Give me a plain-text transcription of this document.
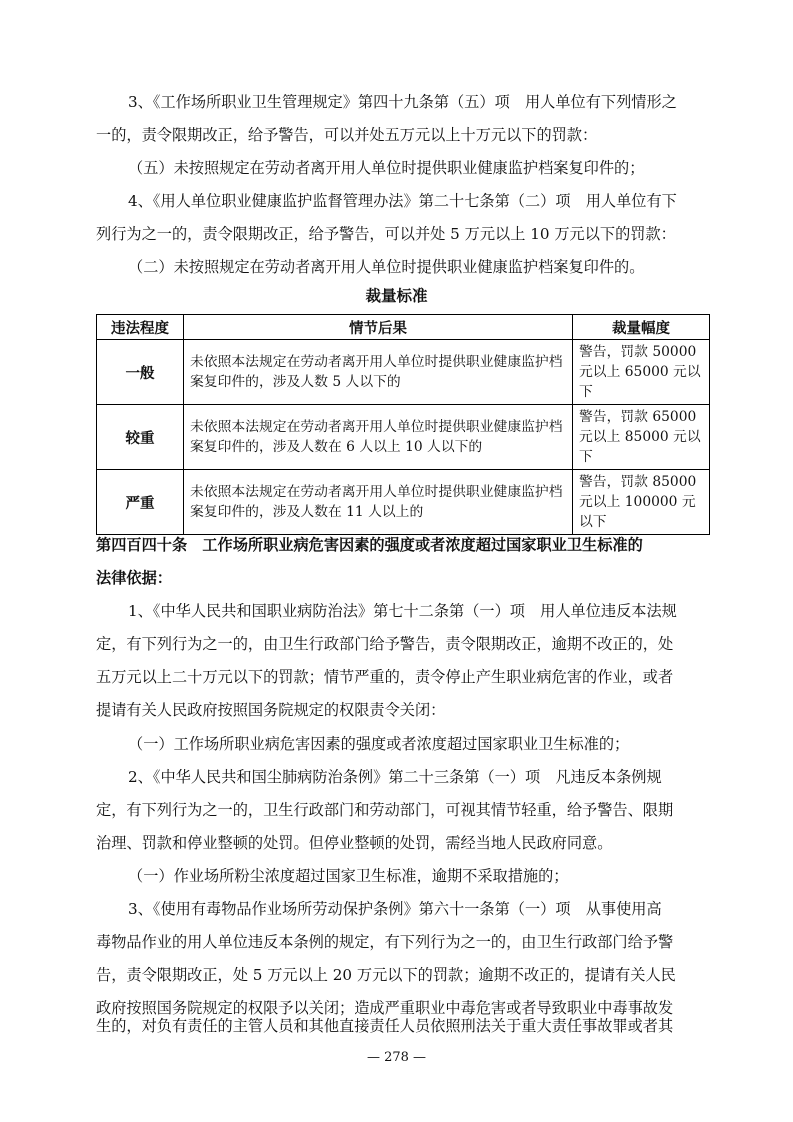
3、《工作场所职业卫生管理规定》第四十九条第（五）项　用人单位有下列情形之
一的，责令限期改正，给予警告，可以并处五万元以上十万元以下的罚款：
（五）未按照规定在劳动者离开用人单位时提供职业健康监护档案复印件的；
4、《用人单位职业健康监护监督管理办法》第二十七条第（二）项　用人单位有下
列行为之一的，责令限期改正，给予警告，可以并处 5 万元以上 10 万元以下的罚款：
（二）未按照规定在劳动者离开用人单位时提供职业健康监护档案复印件的。
裁量标准
违法程度	情节后果	裁量幅度
一般	未依照本法规定在劳动者离开用人单位时提供职业健康监护档案复印件的，涉及人数 5 人以下的	警告，罚款 50000 元以上 65000 元以下
较重	未依照本法规定在劳动者离开用人单位时提供职业健康监护档案复印件的，涉及人数在 6 人以上 10 人以下的	警告，罚款 65000 元以上 85000 元以下
严重	未依照本法规定在劳动者离开用人单位时提供职业健康监护档案复印件的，涉及人数在 11 人以上的	警告，罚款 85000 元以上 100000 元以下
第四百四十条　工作场所职业病危害因素的强度或者浓度超过国家职业卫生标准的
法律依据：
1、《中华人民共和国职业病防治法》第七十二条第（一）项　用人单位违反本法规
定，有下列行为之一的，由卫生行政部门给予警告，责令限期改正，逾期不改正的，处
五万元以上二十万元以下的罚款；情节严重的，责令停止产生职业病危害的作业，或者
提请有关人民政府按照国务院规定的权限责令关闭：
（一）工作场所职业病危害因素的强度或者浓度超过国家职业卫生标准的；
2、《中华人民共和国尘肺病防治条例》第二十三条第（一）项　凡违反本条例规
定，有下列行为之一的，卫生行政部门和劳动部门，可视其情节轻重，给予警告、限期
治理、罚款和停业整顿的处罚。但停业整顿的处罚，需经当地人民政府同意。
（一）作业场所粉尘浓度超过国家卫生标准，逾期不采取措施的；
3、《使用有毒物品作业场所劳动保护条例》第六十一条第（一）项　从事使用高
毒物品作业的用人单位违反本条例的规定，有下列行为之一的，由卫生行政部门给予警
告，责令限期改正，处 5 万元以上 20 万元以下的罚款；逾期不改正的，提请有关人民
政府按照国务院规定的权限予以关闭；造成严重职业中毒危害或者导致职业中毒事故发
— 278 —
生的，对负有责任的主管人员和其他直接责任人员依照刑法关于重大责任事故罪或者其
